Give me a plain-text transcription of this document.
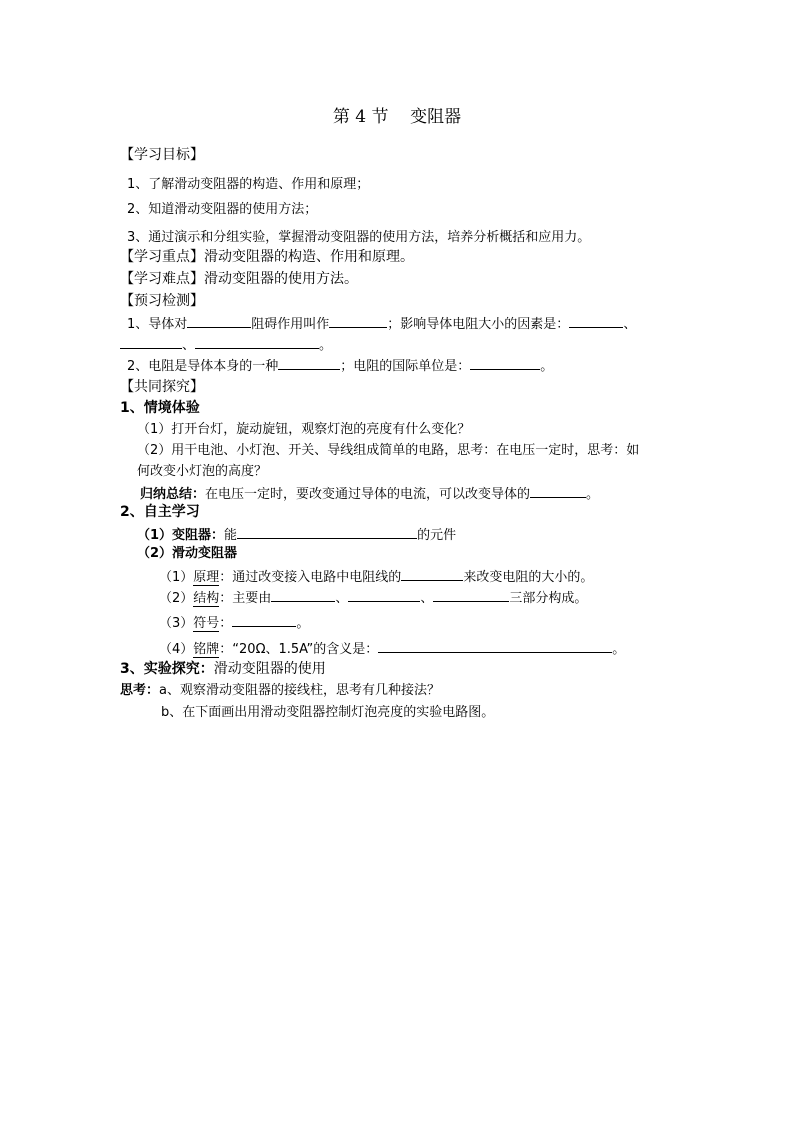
第 4 节    变阻器
【学习目标】
1、了解滑动变阻器的构造、作用和原理；
2、知道滑动变阻器的使用方法；
3、通过演示和分组实验，掌握滑动变阻器的使用方法，培养分析概括和应用力。
【学习重点】滑动变阻器的构造、作用和原理。
【学习难点】滑动变阻器的使用方法。
【预习检测】
1、导体对	阻碍作用叫作	；影响导体电阻大小的因素是：	、
、	。
2、电阻是导体本身的一种	；电阻的国际单位是：	。
【共同探究】
1、情境体验
（1）打开台灯，旋动旋钮，观察灯泡的亮度有什么变化？
（2）用干电池、小灯泡、开关、导线组成简单的电路，思考：在电压一定时，思考：如
何改变小灯泡的高度？
归纳总结：在电压一定时，要改变通过导体的电流，可以改变导体的	。
2、自主学习
（1）变阻器：能	的元件
（2）滑动变阻器
（1）原理：通过改变接入电路中电阻线的	来改变电阻的大小的。
（2）结构：主要由	、	、	三部分构成。
（3）符号：	。
（4）铭牌：“20Ω、1.5A”的含义是：	。
3、实验探究：滑动变阻器的使用
思考：a、观察滑动变阻器的接线柱，思考有几种接法？
b、在下面画出用滑动变阻器控制灯泡亮度的实验电路图。
